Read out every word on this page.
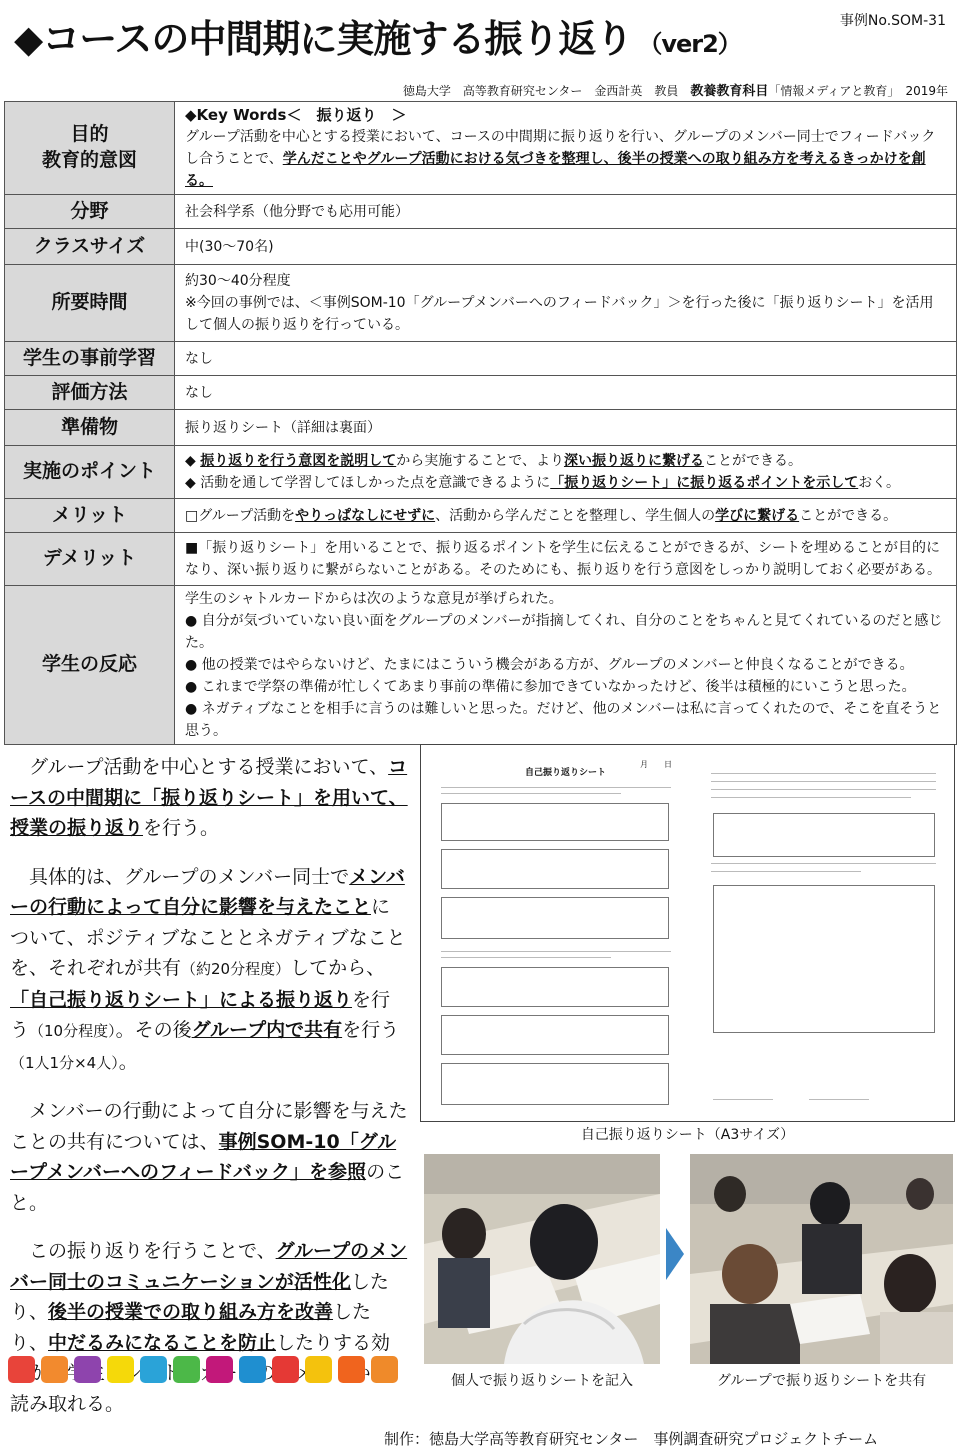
◆コースの中間期に実施する振り返り （ver2）
事例No.SOM-31
徳島大学　高等教育研究センター　金西計英　教員　 教養教育科目「情報メディアと教育」　 2019年
目的
教育的意図	◆Key Words＜　振り返り　＞
グループ活動を中心とする授業において、コースの中間期に振り返りを行い、グループのメンバー同士でフィードバックし合うことで、学んだことやグループ活動における気づきを整理し、後半の授業への取り組み方を考えるきっかけを創る。
分野	社会科学系（他分野でも応用可能）
クラスサイズ	中(30～70名)
所要時間	約30～40分程度
※今回の事例では、＜事例SOM-10「グループメンバーへのフィードバック」＞を行った後に「振り返りシート」を活用して個人の振り返りを行っている。

学生の事前学習	なし
評価方法	なし
準備物	振り返りシート（詳細は裏面）
実施のポイント	◆ 振り返りを行う意図を説明してから実施することで、より深い振り返りに繋げることができる。
◆ 活動を通して学習してほしかった点を意識できるように「振り返りシート」に振り返るポイントを示しておく。

メリット	□グループ活動をやりっぱなしにせずに、活動から学んだことを整理し、学生個人の学びに繋げることができる。
デメリット	■「振り返りシート」を用いることで、振り返るポイントを学生に伝えることができるが、シートを埋めることが目的になり、深い振り返りに繋がらないことがある。そのためにも、振り返りを行う意図をしっかり説明しておく必要がある。
学生の反応	学生のシャトルカードからは次のような意見が挙げられた。
● 自分が気づいていない良い面をグループのメンバーが指摘してくれ、自分のことをちゃんと見てくれているのだと感じた。
● 他の授業ではやらないけど、たまにはこういう機会がある方が、グループのメンバーと仲良くなることができる。
● これまで学祭の準備が忙しくてあまり事前の準備に参加できていなかったけど、後半は積極的にいこうと思った。
● ネガティブなことを相手に言うのは難しいと思った。だけど、他のメンバーは私に言ってくれたので、そこを直そうと思う。

グループ活動を中心とする授業において、コースの中間期に「振り返りシート」を用いて、授業の振り返りを行う。

具体的は、グループのメンバー同士でメンバーの行動によって自分に影響を与えたことについて、ポジティブなこととネガティブなことを、それぞれが共有（約20分程度）してから、「自己振り返りシート」による振り返りを行う（10分程度）。その後グループ内で共有を行う（1人1分×4人）。

メンバーの行動によって自分に影響を与えたことの共有については、事例SOM-10「グループメンバーへのフィードバック」を参照のこと。

この振り返りを行うことで、グループのメンバー同士のコミュニケーションが活性化したり、後半の授業での取り組み方を改善したり、中だるみになることを防止したりする効果が、学生のシャトルカードの ント 読み取れる。

自己振り返りシート
月　　日
自己振り返りシート（A3サイズ）
個人で振り返りシートを記入	グループで振り返りシートを共有
制作：徳島大学高等教育研究センター　事例調査研究プロジェクトチーム
